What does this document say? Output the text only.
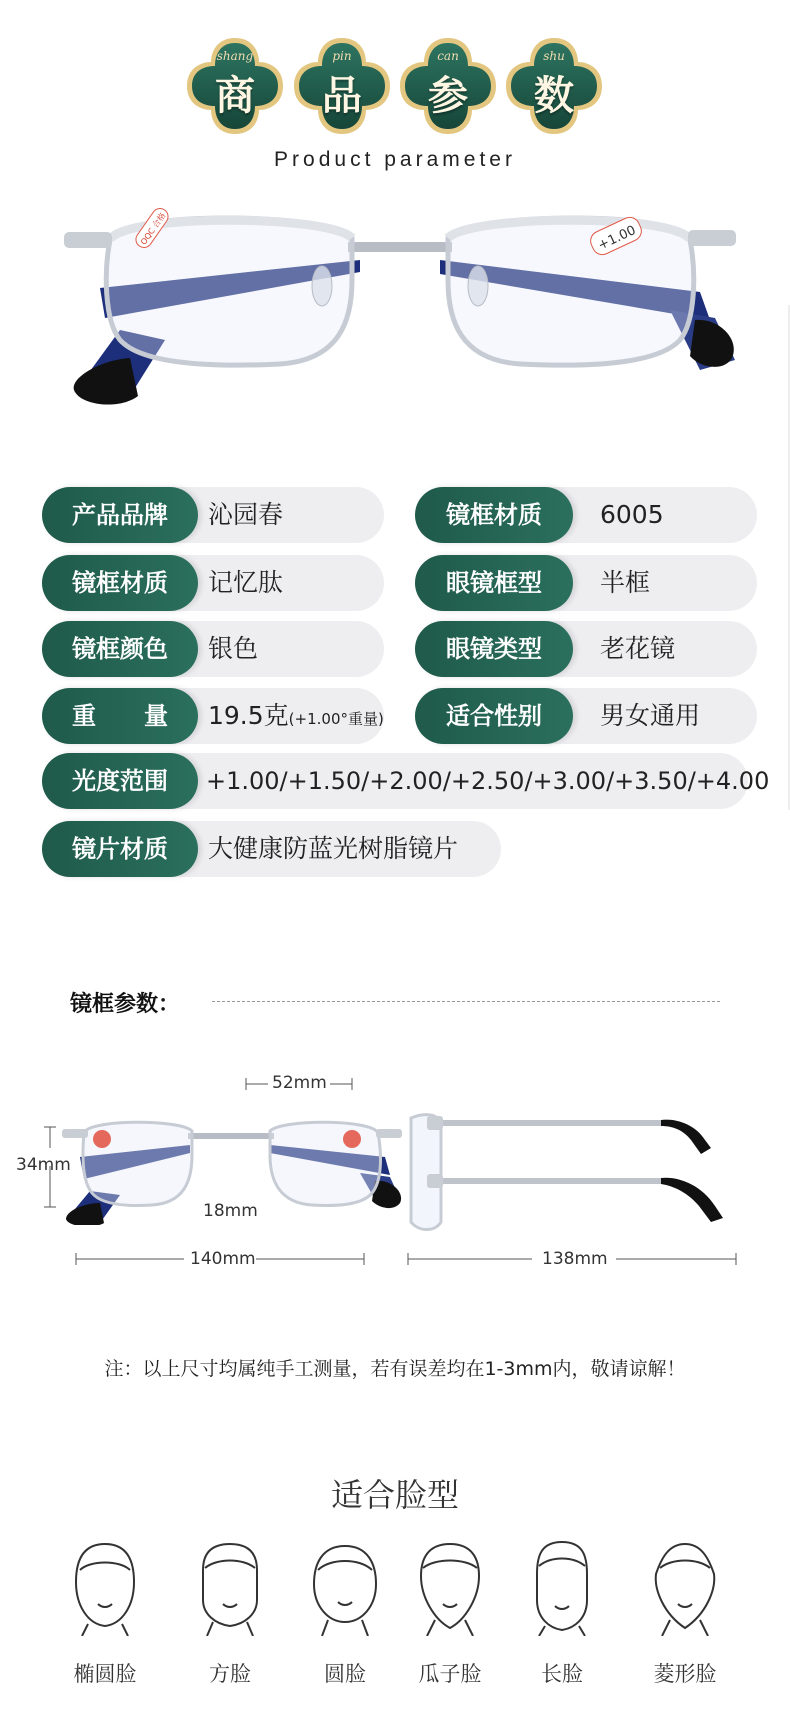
shang
商
pin
品
can
参
shu
数
Product parameter
OQC 合格	+1.00
产品品牌	沁园春	镜框材质	6005
镜框材质	记忆肽	眼镜框型	半框
镜框颜色	银色	眼镜类型	老花镜
重　　量	19.5克(+1.00°重量)	适合性别	男女通用
光度范围	+1.00/+1.50/+2.00/+2.50/+3.00/+3.50/+4.00
镜片材质	大健康防蓝光树脂镜片
镜框参数：
52mm
34mm
18mm
140mm	138mm
注：以上尺寸均属纯手工测量，若有误差均在1-3mm内，敬请谅解！
适合脸型
椭圆脸	方脸	圆脸	瓜子脸	长脸	菱形脸
